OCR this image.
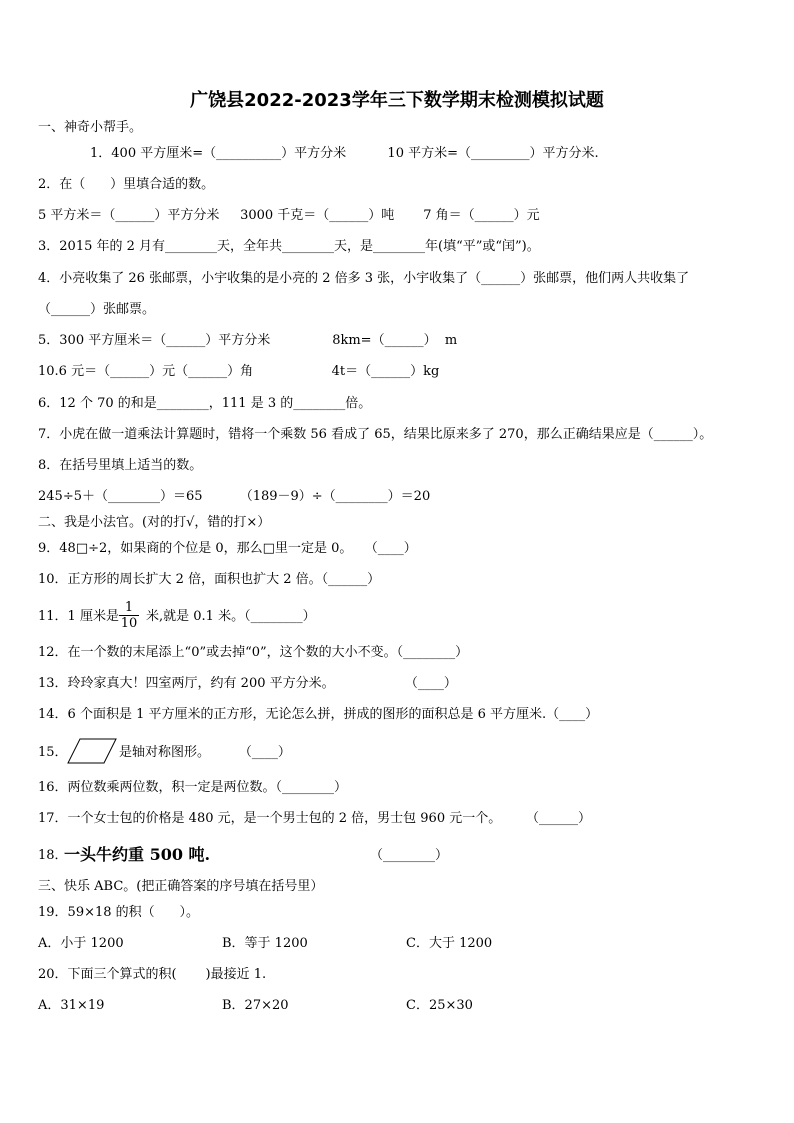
广饶县2022-2023学年三下数学期末检测模拟试题
一、神奇小帮手。
1．400 平方厘米=（__________）平方分米          10 平方米=（_________）平方分米.
2．在（      ）里填合适的数。
5 平方米＝（______）平方分米     3000 千克＝（______）吨       7 角＝（______）元
3．2015 年的 2 月有________天，全年共________天，是________年(填“平”或“闰”)。
4．小亮收集了 26 张邮票，小宇收集的是小亮的 2 倍多 3 张，小宇收集了（______）张邮票，他们两人共收集了
（______）张邮票。
5．300 平方厘米＝（______）平方分米               8km=（______）  m
10.6 元＝（______）元（______）角                   4t＝（______）kg
6．12 个 70 的和是________，111 是 3 的________倍。
7．小虎在做一道乘法计算题时，错将一个乘数 56 看成了 65，结果比原来多了 270，那么正确结果应是（______）。
8．在括号里填上适当的数。
245÷5＋（________）＝65         （189－9）÷（________）＝20
二、我是小法官。(对的打√，错的打×）
9．48□÷2，如果商的个位是 0，那么□里一定是 0。   （____）
10．正方形的周长扩大 2 倍，面积也扩大 2 倍。（______）
11．1 厘米是 $\frac{1}{10}$ 米,就是 0.1 米。（________）
12．在一个数的末尾添上“0”或去掉“0”，这个数的大小不变。（________）
13．玲玲家真大！四室两厅，约有 200 平方分米。                 （____）
14．6 个面积是 1 平方厘米的正方形，无论怎么拼，拼成的图形的面积总是 6 平方厘米.（____）
15．	是轴对称图形。       （____）
16．两位数乘两位数，积一定是两位数。（________）
17．一个女士包的价格是 480 元，是一个男士包的 2 倍，男士包 960 元一个。      （______）
18．
一头牛约重 500 吨.	（________）
三、快乐 ABC。(把正确答案的序号填在括号里）
19．59×18 的积（      ）。
A．小于 1200	B．等于 1200	C．大于 1200
20．下面三个算式的积(       )最接近 1.
A．31×19	B．27×20	C．25×30
